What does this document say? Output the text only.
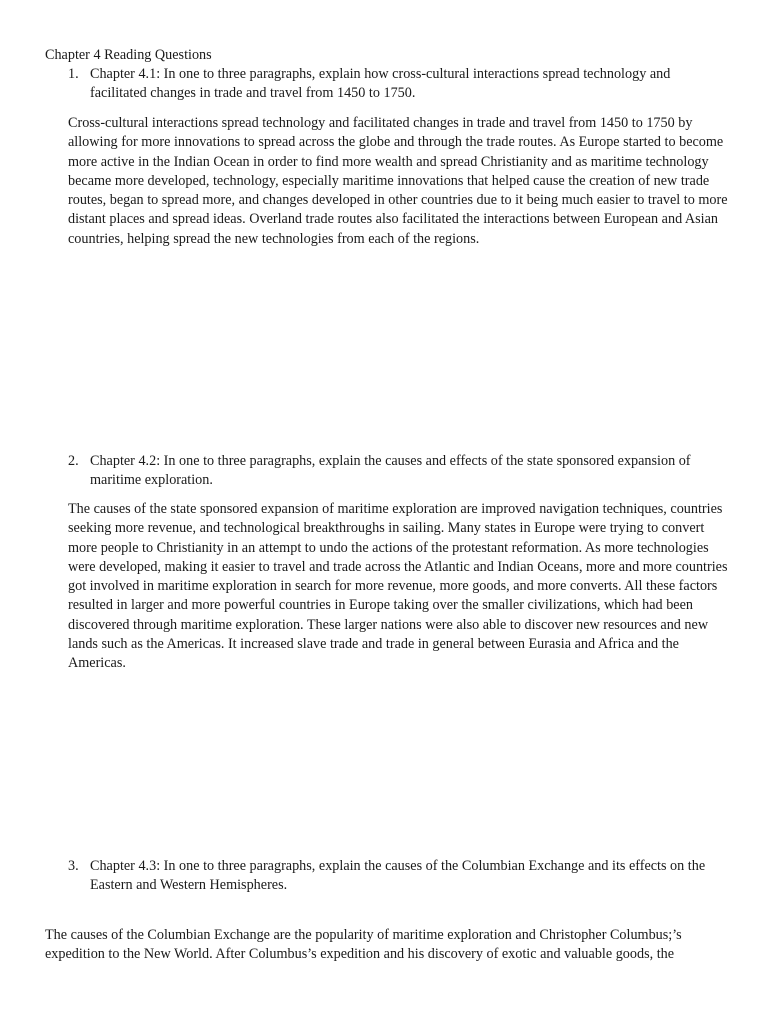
Chapter 4 Reading Questions
1. Chapter 4.1: In one to three paragraphs, explain how cross-cultural interactions spread technology and facilitated changes in trade and travel from 1450 to 1750.
Cross-cultural interactions spread technology and facilitated changes in trade and travel from 1450 to 1750 by allowing for more innovations to spread across the globe and through the trade routes. As Europe started to become more active in the Indian Ocean in order to find more wealth and spread Christianity and as maritime technology became more developed, technology, especially maritime innovations that helped cause the creation of new trade routes, began to spread more, and changes developed in other countries due to it being much easier to travel to more distant places and spread ideas. Overland trade routes also facilitated the interactions between European and Asian countries, helping spread the new technologies from each of the regions.
2. Chapter 4.2: In one to three paragraphs, explain the causes and effects of the state sponsored expansion of maritime exploration.
The causes of the state sponsored expansion of maritime exploration are improved navigation techniques, countries seeking more revenue, and technological breakthroughs in sailing. Many states in Europe were trying to convert more people to Christianity in an attempt to undo the actions of the protestant reformation. As more technologies were developed, making it easier to travel and trade across the Atlantic and Indian Oceans, more and more countries got involved in maritime exploration in search for more revenue, more goods, and more converts. All these factors resulted in larger and more powerful countries in Europe taking over the smaller civilizations, which had been discovered through maritime exploration. These larger nations were also able to discover new resources and new lands such as the Americas. It increased slave trade and trade in general between Eurasia and Africa and the Americas.
3. Chapter 4.3: In one to three paragraphs, explain the causes of the Columbian Exchange and its effects on the Eastern and Western Hemispheres.
The causes of the Columbian Exchange are the popularity of maritime exploration and Christopher Columbus;’s expedition to the New World. After Columbus’s expedition and his discovery of exotic and valuable goods, the
